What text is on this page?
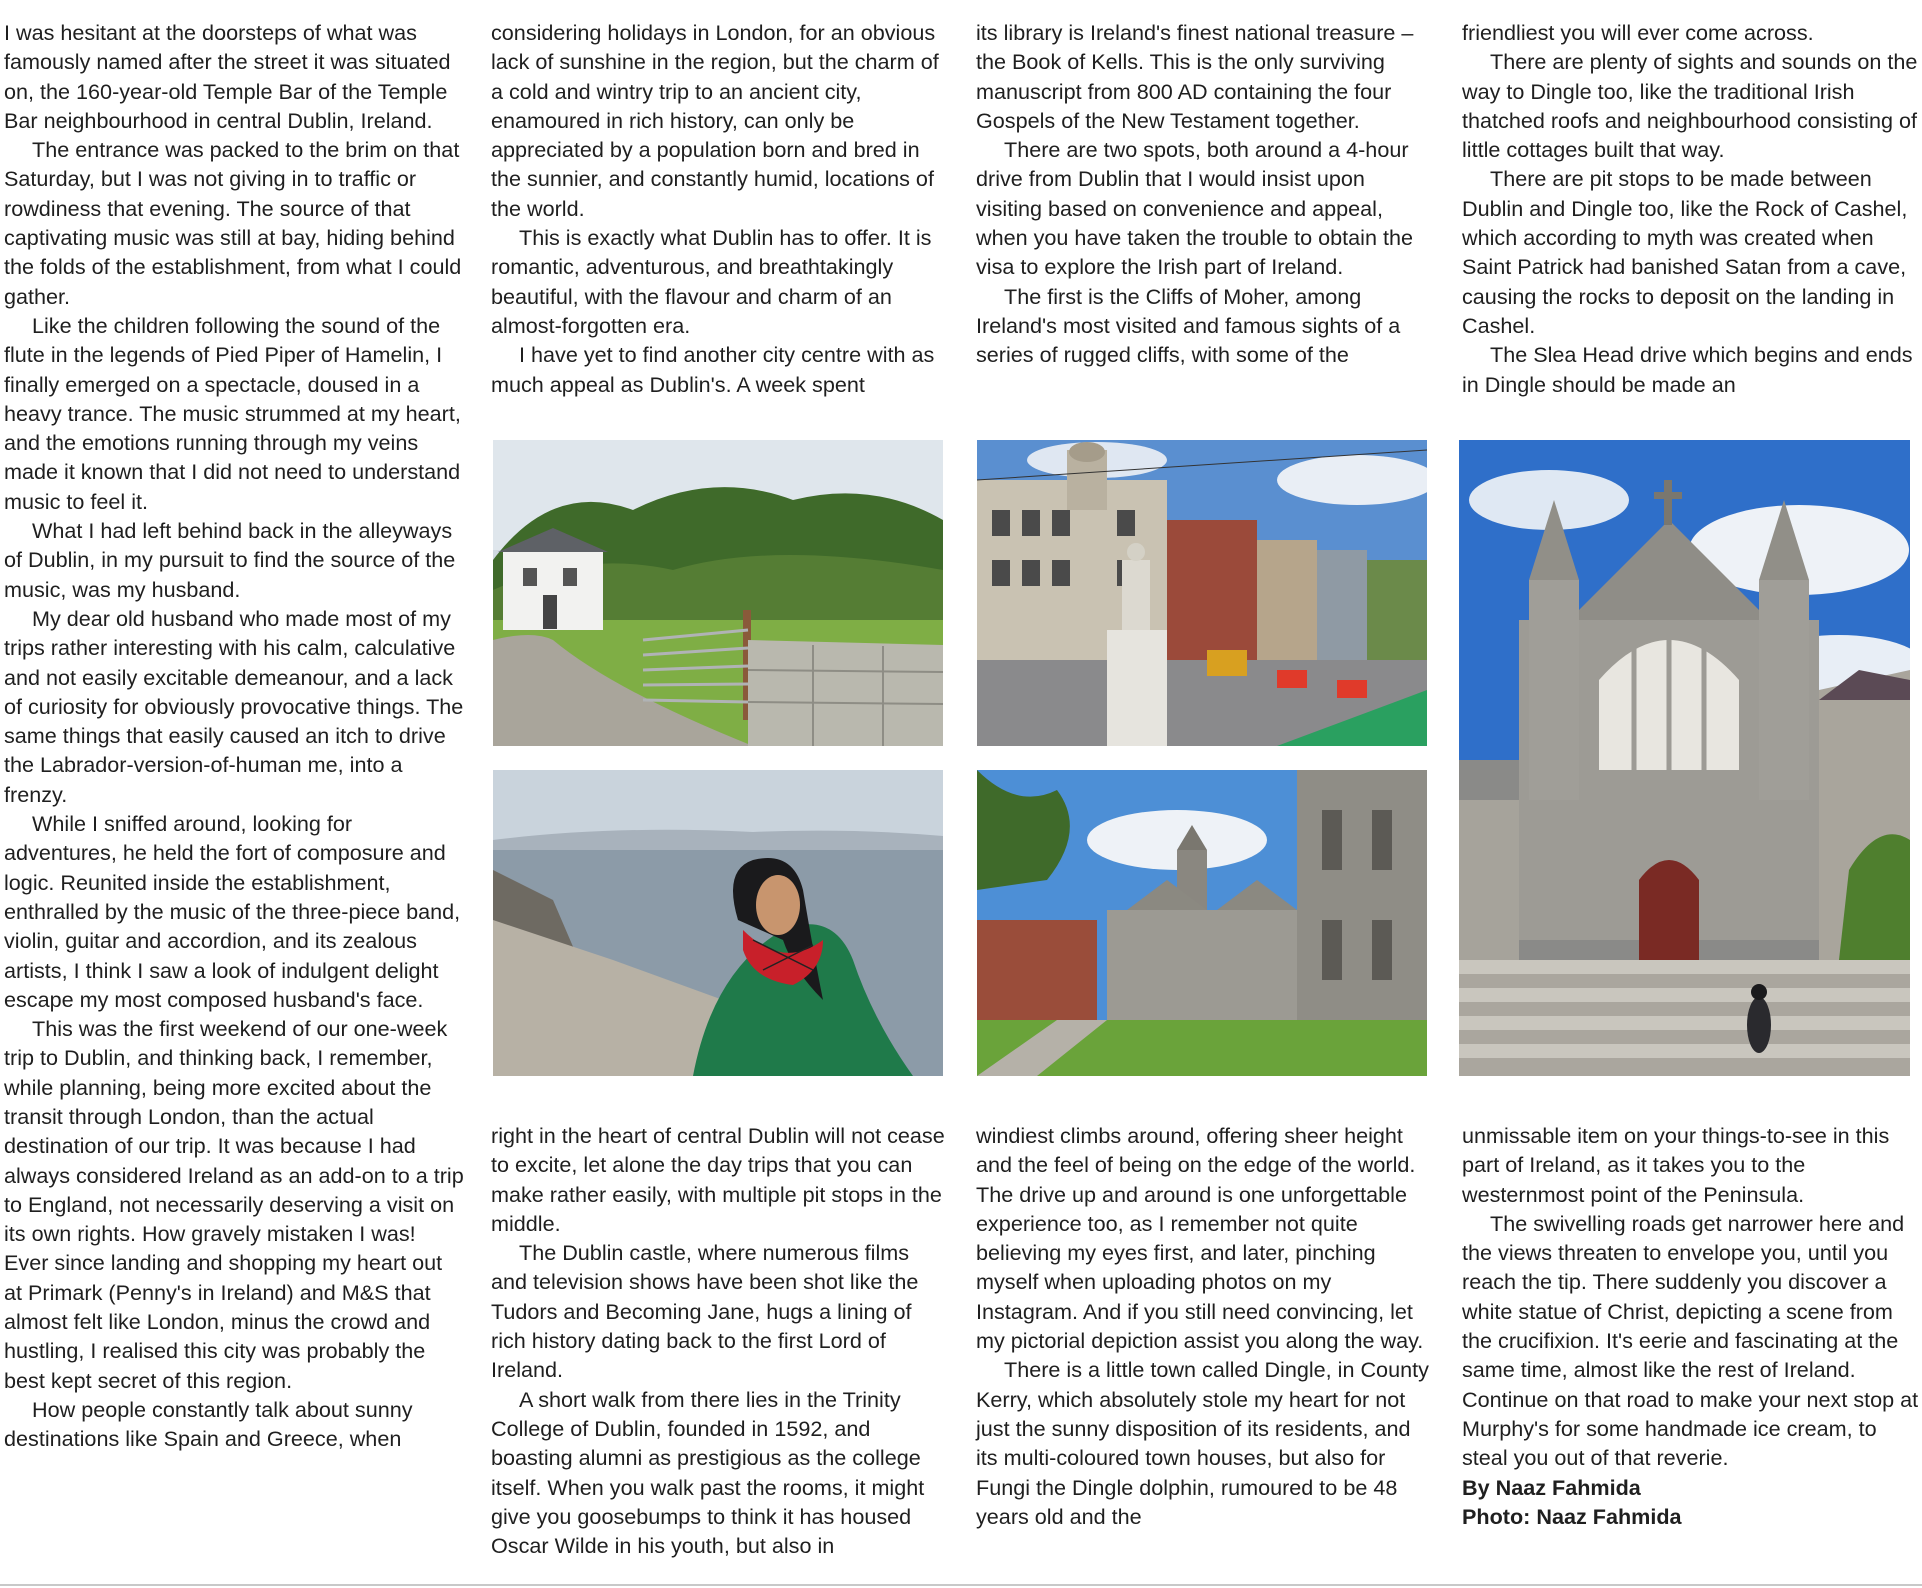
I was hesitant at the doorsteps of what was famously named after the street it was situated on, the 160-year-old Temple Bar of the Temple Bar neighbourhood in central Dublin, Ireland.

The entrance was packed to the brim on that Saturday, but I was not giving in to traffic or rowdiness that evening. The source of that captivating music was still at bay, hiding behind the folds of the establishment, from what I could gather.

Like the children following the sound of the flute in the legends of Pied Piper of Hamelin, I finally emerged on a spectacle, doused in a heavy trance. The music strummed at my heart, and the emotions running through my veins made it known that I did not need to understand music to feel it.

What I had left behind back in the alleyways of Dublin, in my pursuit to find the source of the music, was my husband.

My dear old husband who made most of my trips rather interesting with his calm, calculative and not easily excitable demeanour, and a lack of curiosity for obviously provocative things. The same things that easily caused an itch to drive the Labrador-version-of-human me, into a frenzy.

While I sniffed around, looking for adventures, he held the fort of composure and logic. Reunited inside the establishment, enthralled by the music of the three-piece band, violin, guitar and accordion, and its zealous artists, I think I saw a look of indulgent delight escape my most composed husband's face.

This was the first weekend of our one-week trip to Dublin, and thinking back, I remember, while planning, being more excited about the transit through London, than the actual destination of our trip. It was because I had always considered Ireland as an add-on to a trip to England, not necessarily deserving a visit on its own rights. How gravely mistaken I was! Ever since landing and shopping my heart out at Primark (Penny's in Ireland) and M&S that almost felt like London, minus the crowd and hustling, I realised this city was probably the best kept secret of this region.

How people constantly talk about sunny destinations like Spain and Greece, when

considering holidays in London, for an obvious lack of sunshine in the region, but the charm of a cold and wintry trip to an ancient city, enamoured in rich history, can only be appreciated by a population born and bred in the sunnier, and constantly humid, locations of the world.

This is exactly what Dublin has to offer. It is romantic, adventurous, and breathtakingly beautiful, with the flavour and charm of an almost-forgotten era.

I have yet to find another city centre with as much appeal as Dublin's. A week spent

its library is Ireland's finest national treasure – the Book of Kells. This is the only surviving manuscript from 800 AD containing the four Gospels of the New Testament together.

There are two spots, both around a 4-hour drive from Dublin that I would insist upon visiting based on convenience and appeal, when you have taken the trouble to obtain the visa to explore the Irish part of Ireland.

The first is the Cliffs of Moher, among Ireland's most visited and famous sights of a series of rugged cliffs, with some of the

friendliest you will ever come across.

There are plenty of sights and sounds on the way to Dingle too, like the traditional Irish thatched roofs and neighbourhood consisting of little cottages built that way.

There are pit stops to be made between Dublin and Dingle too, like the Rock of Cashel, which according to myth was created when Saint Patrick had banished Satan from a cave, causing the rocks to deposit on the landing in Cashel.

The Slea Head drive which begins and ends in Dingle should be made an

right in the heart of central Dublin will not cease to excite, let alone the day trips that you can make rather easily, with multiple pit stops in the middle.

The Dublin castle, where numerous films and television shows have been shot like the Tudors and Becoming Jane, hugs a lining of rich history dating back to the first Lord of Ireland.

A short walk from there lies in the Trinity College of Dublin, founded in 1592, and boasting alumni as prestigious as the college itself. When you walk past the rooms, it might give you goosebumps to think it has housed Oscar Wilde in his youth, but also in

windiest climbs around, offering sheer height and the feel of being on the edge of the world. The drive up and around is one unforgettable experience too, as I remember not quite believing my eyes first, and later, pinching myself when uploading photos on my Instagram. And if you still need convincing, let my pictorial depiction assist you along the way.

There is a little town called Dingle, in County Kerry, which absolutely stole my heart for not just the sunny disposition of its residents, and its multi-coloured town houses, but also for Fungi the Dingle dolphin, rumoured to be 48 years old and the

unmissable item on your things-to-see in this part of Ireland, as it takes you to the westernmost point of the Peninsula.

The swivelling roads get narrower here and the views threaten to envelope you, until you reach the tip. There suddenly you discover a white statue of Christ, depicting a scene from the crucifixion. It's eerie and fascinating at the same time, almost like the rest of Ireland. Continue on that road to make your next stop at Murphy's for some handmade ice cream, to steal you out of that reverie.

By Naaz Fahmida

Photo: Naaz Fahmida
